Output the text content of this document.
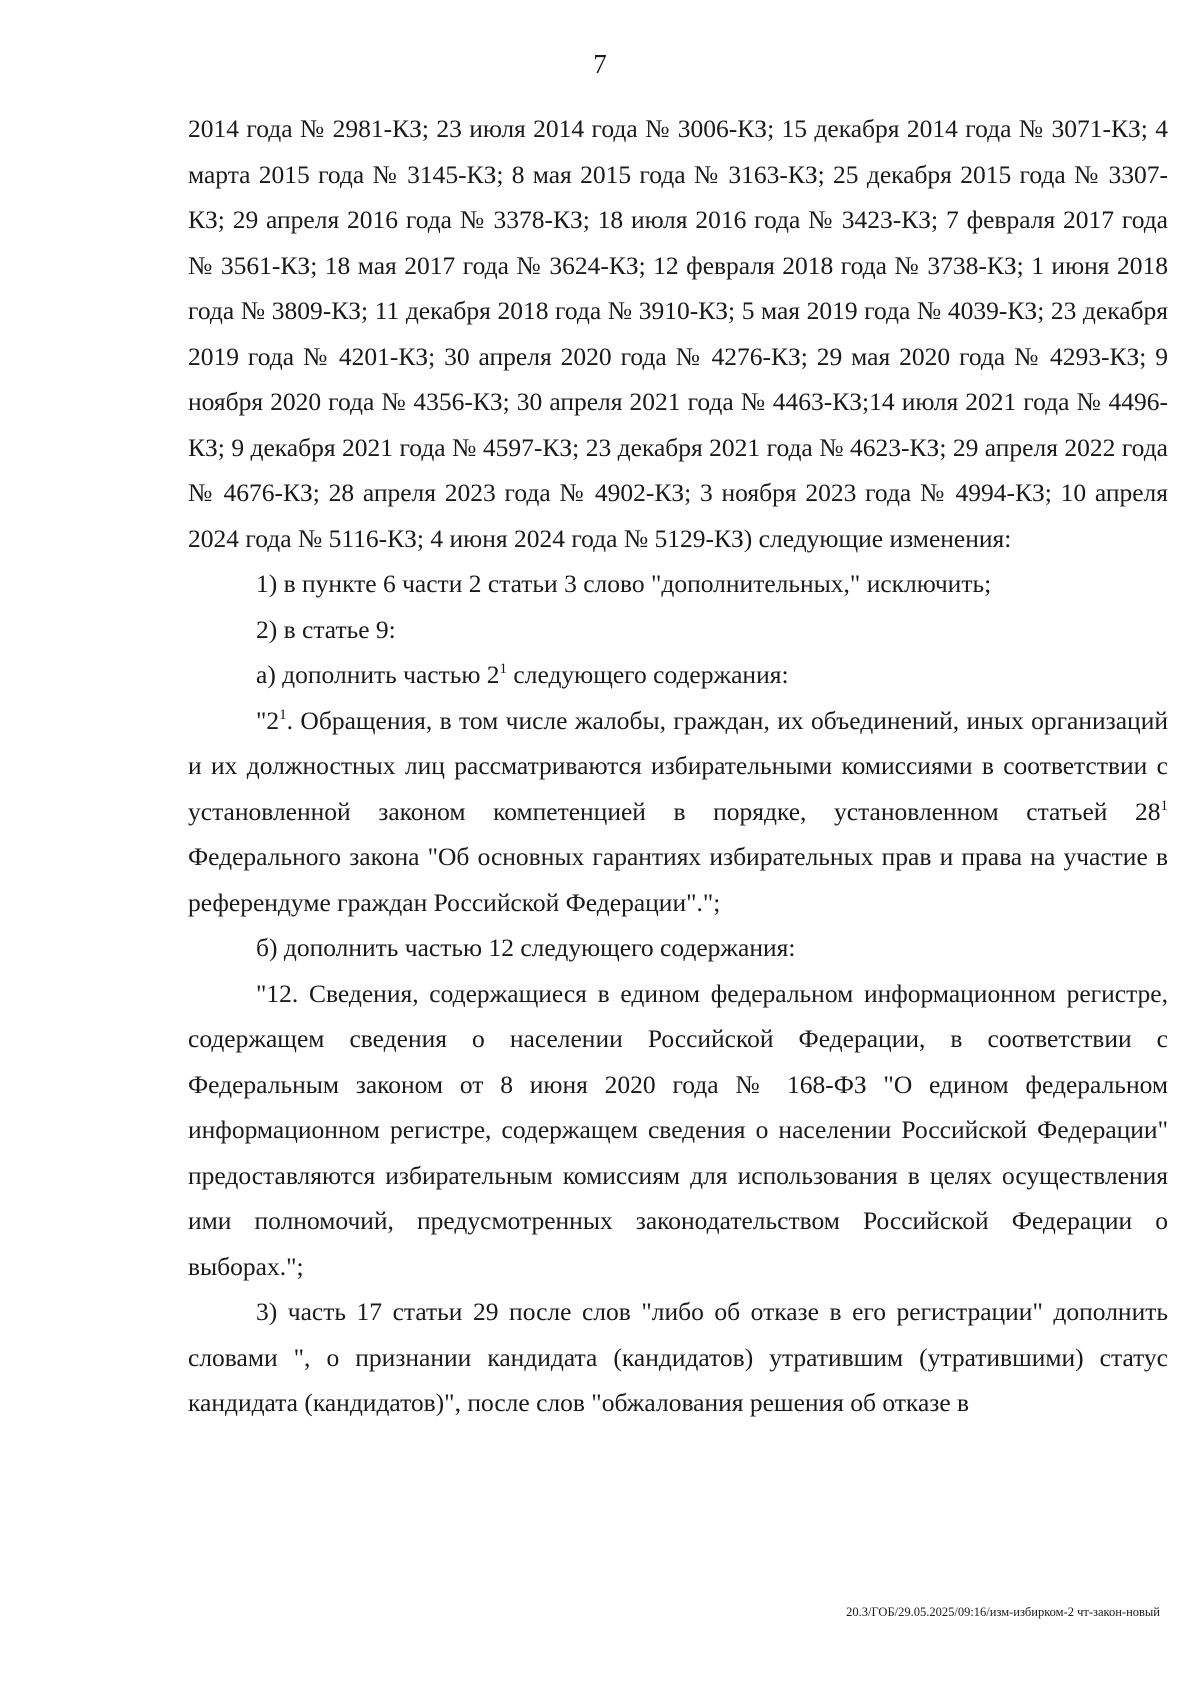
7

2014 года № 2981-КЗ; 23 июля 2014 года № 3006-КЗ; 15 декабря 2014 года № 3071-КЗ; 4 марта 2015 года № 3145-КЗ; 8 мая 2015 года № 3163-КЗ; 25 декабря 2015 года № 3307-КЗ; 29 апреля 2016 года № 3378-КЗ; 18 июля 2016 года № 3423-КЗ; 7 февраля 2017 года № 3561-КЗ; 18 мая 2017 года № 3624-КЗ; 12 февраля 2018 года № 3738-КЗ; 1 июня 2018 года № 3809-КЗ; 11 декабря 2018 года № 3910-КЗ; 5 мая 2019 года № 4039-КЗ; 23 декабря 2019 года № 4201-КЗ; 30 апреля 2020 года № 4276-КЗ; 29 мая 2020 года № 4293-КЗ; 9 ноября 2020 года № 4356-КЗ; 30 апреля 2021 года № 4463-КЗ;14 июля 2021 года № 4496-КЗ; 9 декабря 2021 года № 4597-КЗ; 23 декабря 2021 года № 4623-КЗ; 29 апреля 2022 года № 4676-КЗ; 28 апреля 2023 года № 4902-КЗ; 3 ноября 2023 года № 4994-КЗ; 10 апреля 2024 года № 5116-КЗ; 4 июня 2024 года № 5129-КЗ) следующие изменения:

1) в пункте 6 части 2 статьи 3 слово "дополнительных," исключить;

2) в статье 9:

а) дополнить частью $2^1$ следующего содержания:

"$2^1$. Обращения, в том числе жалобы, граждан, их объединений, иных организаций и их должностных лиц рассматриваются избирательными комиссиями в соответствии с установленной законом компетенцией в порядке, установленном статьей $28^1$ Федерального закона "Об основных гарантиях избирательных прав и права на участие в референдуме граждан Российской Федерации".";

б) дополнить частью 12 следующего содержания:

"12. Сведения, содержащиеся в едином федеральном информационном регистре, содержащем сведения о населении Российской Федерации, в соответствии с Федеральным законом от 8 июня 2020 года № 168-ФЗ "О едином федеральном информационном регистре, содержащем сведения о населении Российской Федерации" предоставляются избирательным комиссиям для использования в целях осуществления ими полномочий, предусмотренных законодательством Российской Федерации о выборах.";

3) часть 17 статьи 29 после слов "либо об отказе в его регистрации" дополнить словами ", о признании кандидата (кандидатов) утратившим (утратившими) статус кандидата (кандидатов)", после слов "обжалования решения об отказе в

20.3/ГОБ/29.05.2025/09:16/изм-избирком-2 чт-закон-новый
